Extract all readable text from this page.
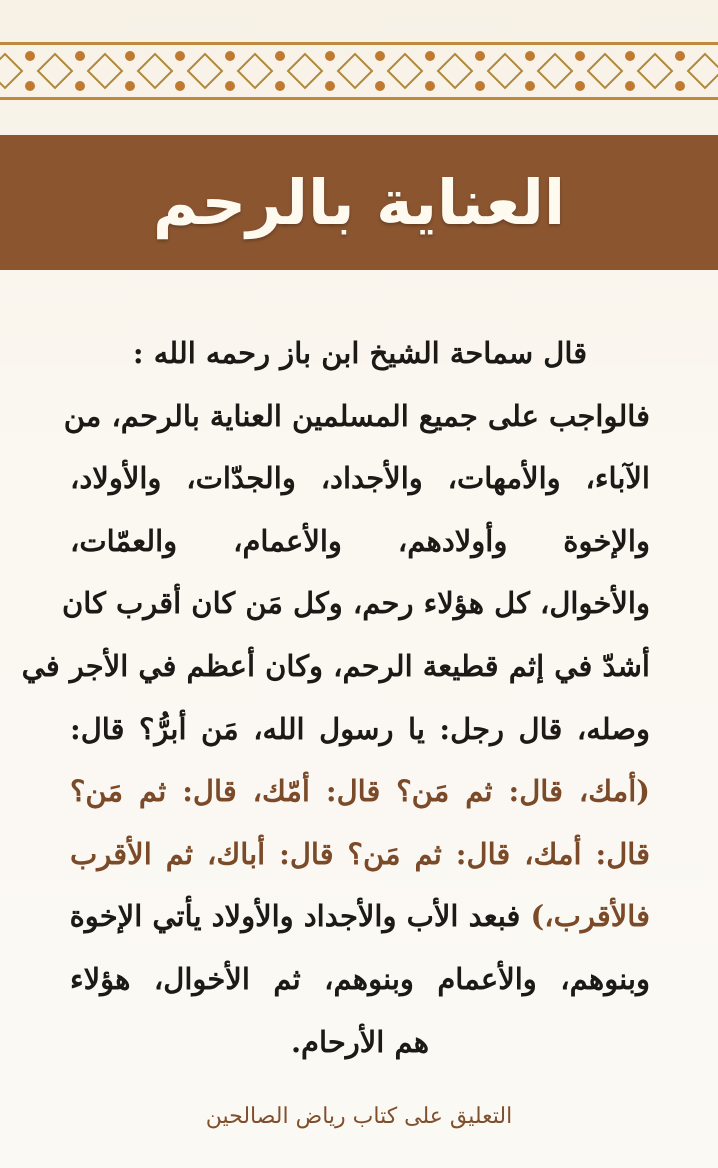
العناية بالرحم
قال سماحة الشيخ ابن باز رحمه الله :
فالواجب على جميع المسلمين العناية بالرحم، من
الآباء، والأمهات، والأجداد، والجدّات، والأولاد،
والإخوة وأولادهم، والأعمام، والعمّات،
والأخوال، كل هؤلاء رحم، وكل مَن كان أقرب كان
أشدّ في إثم قطيعة الرحم، وكان أعظم في الأجر في
وصله، قال رجل: يا رسول الله، مَن أبرُّ؟ قال:
(أمك، قال: ثم مَن؟ قال: أمّك، قال: ثم مَن؟
قال: أمك، قال: ثم مَن؟ قال: أباك، ثم الأقرب
فالأقرب،) فبعد الأب والأجداد والأولاد يأتي الإخوة
وبنوهم، والأعمام وبنوهم، ثم الأخوال، هؤلاء
هم الأرحام.
التعليق على كتاب رياض الصالحين
